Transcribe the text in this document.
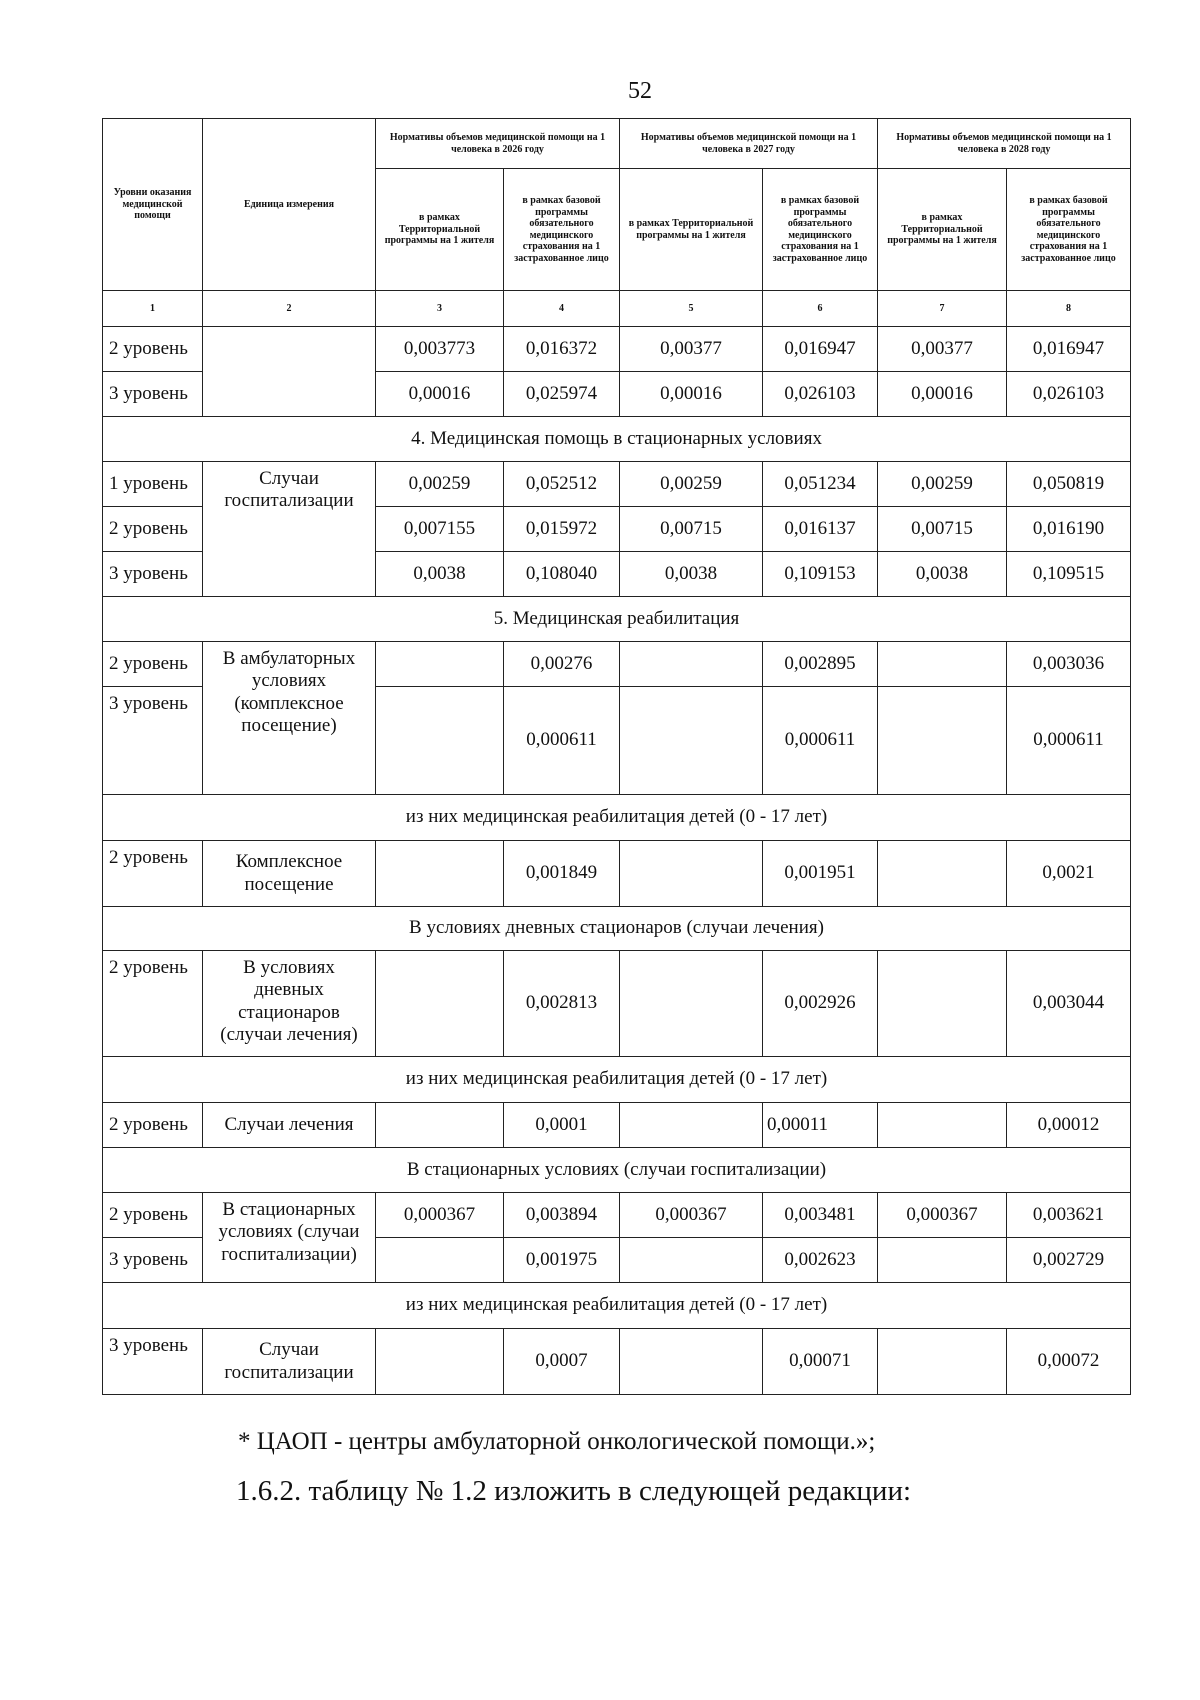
52
Уровни оказания медицинской помощи	Единица измерения	Нормативы объемов медицинской помощи на 1 человека в 2026 году		Нормативы объемов медицинской помощи на 1 человека в 2027 году		Нормативы объемов медицинской помощи на 1 человека в 2028 году	
		в рамках Территориальной программы на 1 жителя	в рамках базовой программы обязательного медицинского страхования на 1 застрахованное лицо	в рамках Территориальной программы на 1 жителя	в рамках базовой программы обязательного медицинского страхования на 1 застрахованное лицо	в рамках Территориальной программы на 1 жителя	в рамках базовой программы обязательного медицинского страхования на 1 застрахованное лицо
1	2	3	4	5	6	7	8
2 уровень		0,003773	0,016372	0,00377	0,016947	0,00377	0,016947
3 уровень		0,00016	0,025974	0,00016	0,026103	0,00016	0,026103
4. Медицинская помощь в стационарных условиях							
1 уровень	Случаи госпитализации	0,00259	0,052512	0,00259	0,051234	0,00259	0,050819
2 уровень		0,007155	0,015972	0,00715	0,016137	0,00715	0,016190
3 уровень		0,0038	0,108040	0,0038	0,109153	0,0038	0,109515
5. Медицинская реабилитация							
2 уровень	В амбулаторных условиях (комплексное посещение)		0,00276		0,002895		0,003036
3 уровень			0,000611		0,000611		0,000611
из них медицинская реабилитация детей (0 - 17 лет)							
2 уровень	Комплексное посещение		0,001849		0,001951		0,0021
В условиях дневных стационаров (случаи лечения)							
2 уровень	В условиях дневных стационаров (случаи лечения)		0,002813		0,002926		0,003044
из них медицинская реабилитация детей (0 - 17 лет)							
2 уровень	Случаи лечения		0,0001		0,00011		0,00012
В стационарных условиях (случаи госпитализации)							
2 уровень	В стационарных условиях (случаи госпитализации)	0,000367	0,003894	0,000367	0,003481	0,000367	0,003621
3 уровень			0,001975		0,002623		0,002729
из них медицинская реабилитация детей (0 - 17 лет)							
3 уровень	Случаи госпитализации		0,0007		0,00071		0,00072
* ЦАОП - центры амбулаторной онкологической помощи.»;
1.6.2. таблицу № 1.2 изложить в следующей редакции:
